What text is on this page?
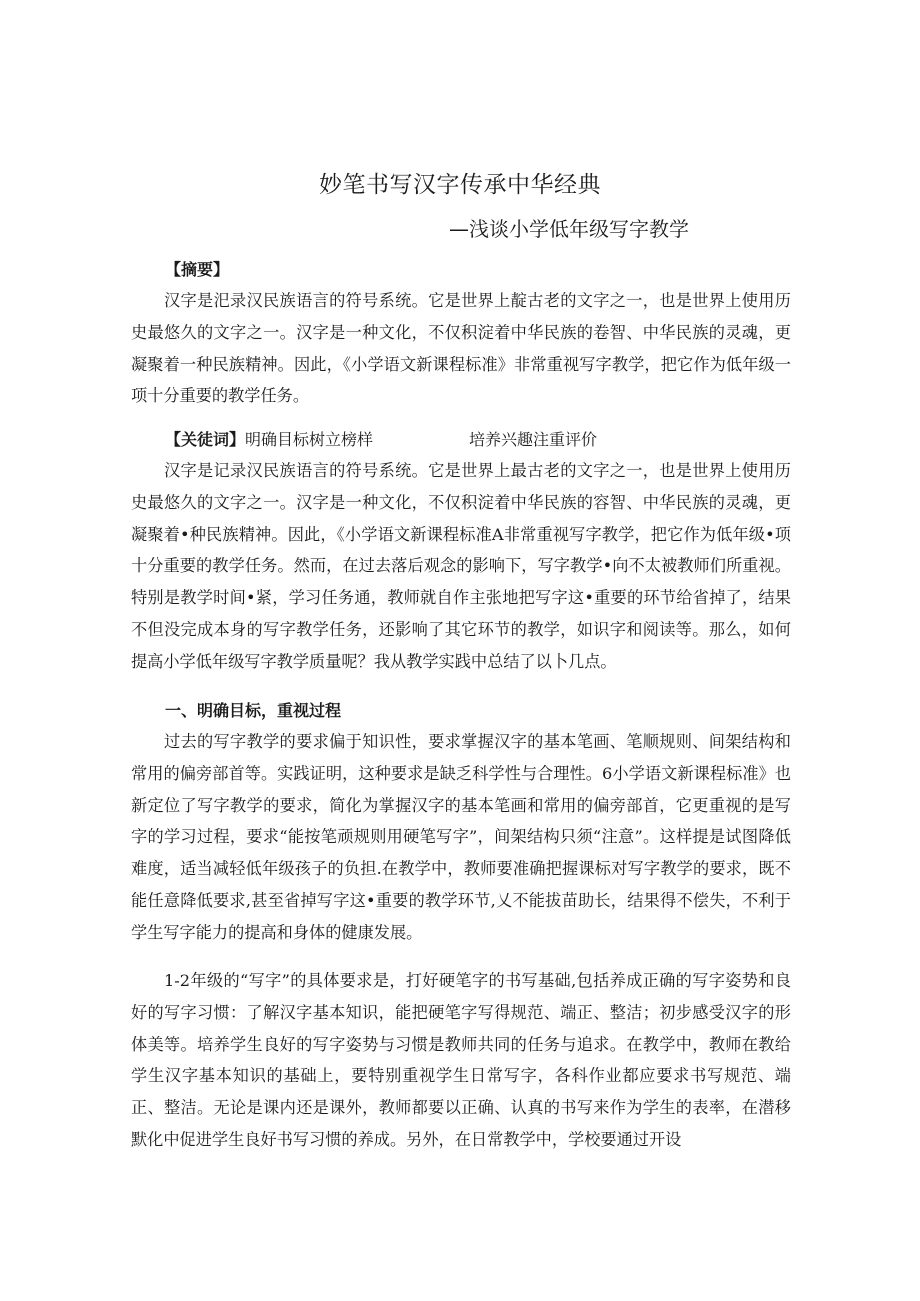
妙笔书写汉字传承中华经典
—浅谈小学低年级写字教学
【摘要】

汉字是汜录汉民族语言的符号系统。它是世界上靛古老的文字之一，也是世界上使用历史最悠久的文字之一。汉字是一种文化，不仅积淀着中华民族的卷智、中华民族的灵魂，更凝聚着一种民族精神。因此，《小学语文新课程标准》非常重视写字教学，把它作为低年级一项十分重要的教学任务。

【关徒词】明确目标树立榜样	培养兴趣注重评价

汉字是记录汉民族语言的符号系统。它是世界上最古老的文字之一，也是世界上使用历史最悠久的文字之一。汉字是一种文化，不仅积淀着中华民族的容智、中华民族的灵魂，更凝聚着•种民族精神。因此，《小学语文新课程标准A非常重视写字教学，把它作为低年级•项十分重要的教学任务。然而，在过去落后观念的影响下，写字教学•向不太被教师们所重视。特别是教学时间•紧，学习任务通，教师就自作主张地把写字这•重要的环节给省掉了，结果不但没完成本身的写字教学任务，还影响了其它环节的教学，如识字和阅读等。那么，如何提高小学低年级写字教学质量呢？我从教学实践中总结了以卜几点。

一、明确目标，重视过程

过去的写字教学的要求偏于知识性，要求掌握汉字的基本笔画、笔顺规则、间架结构和常用的偏旁部首等。实践证明，这种要求是缺乏科学性与合理性。6小学语文新课程标准》也新定位了写字教学的要求，简化为掌握汉字的基本笔画和常用的偏旁部首，它更重视的是写字的学习过程，要求“能按笔顽规则用硬笔写字”，间架结构只须“注意”。这样提是试图降低难度，适当减轻低年级孩子的负担.在教学中，教师要准确把握课标对写字教学的要求，既不能任意降低要求,甚至省掉写字这•重要的教学环节,乂不能拔苗助长，结果得不偿失，不利于学生写字能力的提高和身体的健康发展。

1-2年级的“写字”的具体要求是，打好硬笔字的书写基础,包括养成正确的写字姿势和良好的写字习惯：了解汉字基本知识，能把硬笔字写得规范、端正、整洁；初步感受汉字的形体美等。培养学生良好的写字姿势与习惯是教师共同的任务与追求。在教学中，教师在教给学生汉字基本知识的基础上，要特别重视学生日常写字，各科作业都应要求书写规范、端正、整洁。无论是课内还是课外，教师都要以正确、认真的书写来作为学生的表率，在潜移默化中促进学生良好书写习惯的养成。另外，在日常教学中，学校要通过开设
